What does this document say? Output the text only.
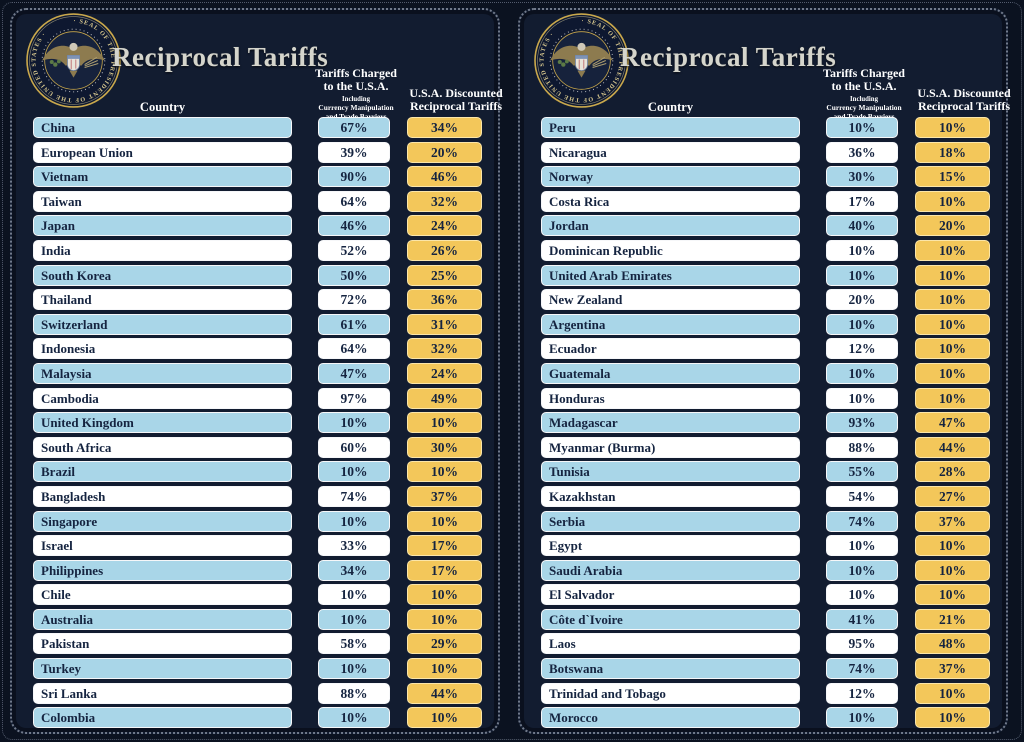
Reciprocal Tariffs
Country
Tariffs Charged
to the U.S.A.
Including
Currency Manipulation
U.S.A. Discounted
Reciprocal Tariffs
China	67%	34%
European Union	39%	20%
Vietnam	90%	46%
Taiwan	64%	32%
Japan	46%	24%
India	52%	26%
South Korea	50%	25%
Thailand	72%	36%
Switzerland	61%	31%
Indonesia	64%	32%
Malaysia	47%	24%
Cambodia	97%	49%
United Kingdom	10%	10%
South Africa	60%	30%
Brazil	10%	10%
Bangladesh	74%	37%
Singapore	10%	10%
Israel	33%	17%
Philippines	34%	17%
Chile	10%	10%
Australia	10%	10%
Pakistan	58%	29%
Turkey	10%	10%
Sri Lanka	88%	44%
Colombia	10%	10%
Reciprocal Tariffs
Country
Tariffs Charged
to the U.S.A.
Including
Currency Manipulation
U.S.A. Discounted
Reciprocal Tariffs
Peru	10%	10%
Nicaragua	36%	18%
Norway	30%	15%
Costa Rica	17%	10%
Jordan	40%	20%
Dominican Republic	10%	10%
United Arab Emirates	10%	10%
New Zealand	20%	10%
Argentina	10%	10%
Ecuador	12%	10%
Guatemala	10%	10%
Honduras	10%	10%
Madagascar	93%	47%
Myanmar (Burma)	88%	44%
Tunisia	55%	28%
Kazakhstan	54%	27%
Serbia	74%	37%
Egypt	10%	10%
Saudi Arabia	10%	10%
El Salvador	10%	10%
Côte d`Ivoire	41%	21%
Laos	95%	48%
Botswana	74%	37%
Trinidad and Tobago	12%	10%
Morocco	10%	10%
